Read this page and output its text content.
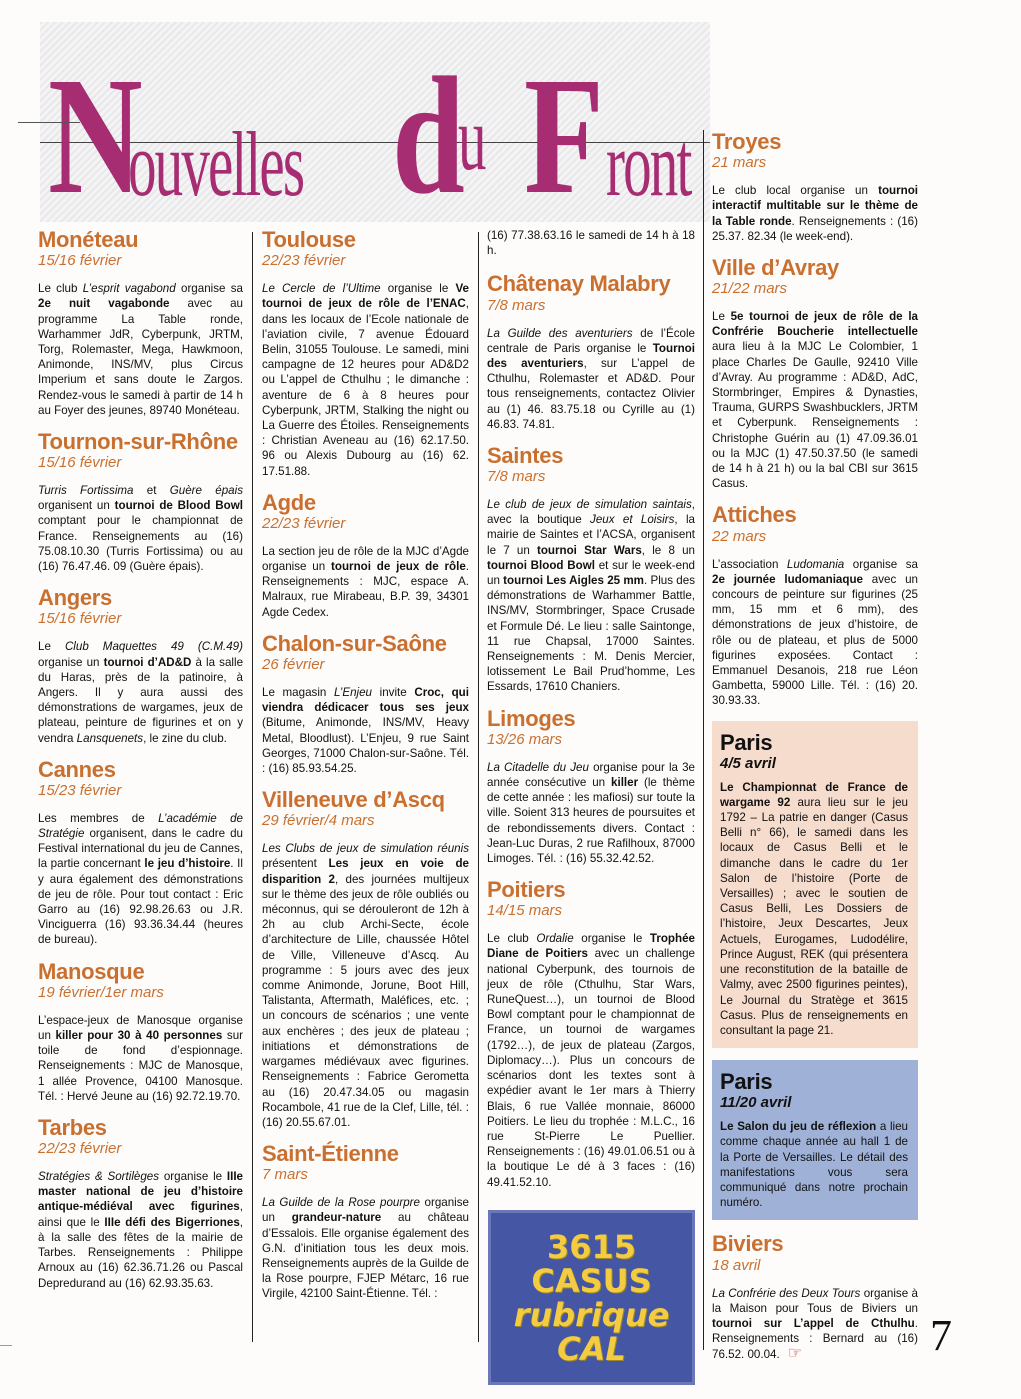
N
ouvelles d
u F ront
Monéteau
15/16 février
Le club L’esprit vagabond organise sa 2e nuit vagabonde avec au programme La Table ronde, Warhammer JdR, Cyberpunk, JRTM, Torg, Rolemaster, Mega, Hawkmoon, Animonde, INS/MV, plus Circus Imperium et sans doute le Zargos. Rendez-vous le samedi à partir de 14 h au Foyer des jeunes, 89740 Monéteau.
Tournon-sur-Rhône
15/16 février
Turris Fortissima et Guère épais organisent un tournoi de Blood Bowl comptant pour le championnat de France. Renseignements au (16) 75.08.10.30 (Turris Fortissima) ou au (16) 76.47.46. 09 (Guère épais).
Angers
15/16 février
Le Club Maquettes 49 (C.M.49) organise un tournoi d’AD&D à la salle du Haras, près de la patinoire, à Angers. Il y aura aussi des démonstrations de wargames, jeux de plateau, peinture de figurines et on y vendra Lansquenets, le zine du club.
Cannes
15/23 février
Les membres de L’académie de Stratégie organisent, dans le cadre du Festival international du jeu de Cannes, la partie concernant le jeu d’histoire. Il y aura également des démonstrations de jeu de rôle. Pour tout contact : Eric Garro au (16) 92.98.26.63 ou J.R. Vinciguerra (16) 93.36.34.44 (heures de bureau).
Manosque
19 février/1er mars
L’espace-jeux de Manosque organise un killer pour 30 à 40 personnes sur toile de fond d’espionnage. Renseignements : MJC de Manosque, 1 allée Provence, 04100 Manosque. Tél. : Hervé Jeune au (16) 92.72.19.70.
Tarbes
22/23 février
Stratégies & Sortilèges organise le IIIe master national de jeu d’histoire antique-médiéval avec figurines, ainsi que le IIIe défi des Bigerriones, à la salle des fêtes de la mairie de Tarbes. Renseignements : Philippe Arnoux au (16) 62.36.71.26 ou Pascal Depredurand au (16) 62.93.35.63.
Toulouse
22/23 février
Le Cercle de l’Ultime organise le Ve tournoi de jeux de rôle de l’ENAC, dans les locaux de l’Ecole nationale de l’aviation civile, 7 avenue Édouard Belin, 31055 Toulouse. Le samedi, mini campagne de 12 heures pour AD&D2 ou L’appel de Cthulhu ; le dimanche : aventure de 6 à 8 heures pour Cyberpunk, JRTM, Stalking the night ou La Guerre des Étoiles. Renseignements : Christian Aveneau au (16) 62.17.50. 96 ou Alexis Dubourg au (16) 62. 17.51.88.
Agde
22/23 février
La section jeu de rôle de la MJC d’Agde organise un tournoi de jeux de rôle. Renseignements : MJC, espace A. Malraux, rue Mirabeau, B.P. 39, 34301 Agde Cedex.
Chalon-sur-Saône
26 février
Le magasin L’Enjeu invite Croc, qui viendra dédicacer tous ses jeux (Bitume, Animonde, INS/MV, Heavy Metal, Bloodlust). L’Enjeu, 9 rue Saint Georges, 71000 Chalon-sur-Saône. Tél. : (16) 85.93.54.25.
Villeneuve d’Ascq
29 février/4 mars
Les Clubs de jeux de simulation réunis présentent Les jeux en voie de disparition 2, des journées multijeux sur le thème des jeux de rôle oubliés ou méconnus, qui se dérouleront de 12h à 2h au club Archi-Secte, école d’architecture de Lille, chaussée Hôtel de Ville, Villeneuve d’Ascq. Au programme : 5 jours avec des jeux comme Animonde, Jorune, Boot Hill, Talistanta, Aftermath, Maléfices, etc. ; un concours de scénarios ; une vente aux enchères ; des jeux de plateau ; initiations et démonstrations de wargames médiévaux avec figurines. Renseignements : Fabrice Gerometta au (16) 20.47.34.05 ou magasin Rocambole, 41 rue de la Clef, Lille, tél. : (16) 20.55.67.01.
Saint-Étienne
7 mars
La Guilde de la Rose pourpre organise un grandeur-nature au château d’Essalois. Elle organise également des G.N. d’initiation tous les deux mois. Renseignements auprès de la Guilde de la Rose pourpre, FJEP Métarc, 16 rue Virgile, 42100 Saint-Étienne. Tél. :
(16) 77.38.63.16 le samedi de 14 h à 18 h.
Châtenay Malabry
7/8 mars
La Guilde des aventuriers de l’École centrale de Paris organise le Tournoi des aventuriers, sur L’appel de Cthulhu, Rolemaster et AD&D. Pour tous renseignements, contactez Olivier au (1) 46. 83.75.18 ou Cyrille au (1) 46.83. 74.81.
Saintes
7/8 mars
Le club de jeux de simulation saintais, avec la boutique Jeux et Loisirs, la mairie de Saintes et l’ACSA, organisent le 7 un tournoi Star Wars, le 8 un tournoi Blood Bowl et sur le week-end un tournoi Les Aigles 25 mm. Plus des démonstrations de Warhammer Battle, INS/MV, Stormbringer, Space Crusade et Formule Dé. Le lieu : salle Saintonge, 11 rue Chapsal, 17000 Saintes. Renseignements : M. Denis Mercier, lotissement Le Bail Prud’homme, Les Essards, 17610 Chaniers.
Limoges
13/26 mars
La Citadelle du Jeu organise pour la 3e année consécutive un killer (le thème de cette année : les mafiosi) sur toute la ville. Soient 313 heures de poursuites et de rebondissements divers. Contact : Jean-Luc Duras, 2 rue Rafilhoux, 87000 Limoges. Tél. : (16) 55.32.42.52.
Poitiers
14/15 mars
Le club Ordalie organise le Trophée Diane de Poitiers avec un challenge national Cyberpunk, des tournois de jeux de rôle (Cthulhu, Star Wars, RuneQuest…), un tournoi de Blood Bowl comptant pour le championnat de France, un tournoi de wargames (1792…), de jeux de plateau (Zargos, Diplomacy…). Plus un concours de scénarios dont les textes sont à expédier avant le 1er mars à Thierry Blais, 6 rue Vallée monnaie, 86000 Poitiers. Le lieu du trophée : M.L.C., 16 rue St-Pierre Le Puellier. Renseignements : (16) 49.01.06.51 ou à la boutique Le dé à 3 faces : (16) 49.41.52.10.
Troyes
21 mars
Le club local organise un tournoi interactif multitable sur le thème de la Table ronde. Renseignements : (16) 25.37. 82.34 (le week-end).
Ville d’Avray
21/22 mars
Le 5e tournoi de jeux de rôle de la Confrérie Boucherie intellectuelle aura lieu à la MJC Le Colombier, 1 place Charles De Gaulle, 92410 Ville d’Avray. Au programme : AD&D, AdC, Stormbringer, Empires & Dynasties, Trauma, GURPS Swashbucklers, JRTM et Cyberpunk. Renseignements : Christophe Guérin au (1) 47.09.36.01 ou la MJC (1) 47.50.37.50 (le samedi de 14 h à 21 h) ou la bal CBI sur 3615 Casus.
Attiches
22 mars
L’association Ludomania organise sa 2e journée ludomaniaque avec un concours de peinture sur figurines (25 mm, 15 mm et 6 mm), des démonstrations de jeux d’histoire, de rôle ou de plateau, et plus de 5000 figurines exposées. Contact : Emmanuel Desanois, 218 rue Léon Gambetta, 59000 Lille. Tél. : (16) 20. 30.93.33.
Paris
4/5 avril
Le Championnat de France de wargame 92 aura lieu sur le jeu 1792 – La patrie en danger (Casus Belli n° 66), le samedi dans les locaux de Casus Belli et le dimanche dans le cadre du 1er Salon de l’histoire (Porte de Versailles) ; avec le soutien de Casus Belli, Les Dossiers de l’histoire, Jeux Descartes, Jeux Actuels, Eurogames, Ludodélire, Prince August, REK (qui présentera une reconstitution de la bataille de Valmy, avec 2500 figurines peintes), Le Journal du Stratège et 3615 Casus. Plus de renseignements en consultant la page 21.
Paris
11/20 avril
Le Salon du jeu de réflexion a lieu comme chaque année au hall 1 de la Porte de Versailles. Le détail des manifestations vous sera communiqué dans notre prochain numéro.
Biviers
18 avril
La Confrérie des Deux Tours organise à la Maison pour Tous de Biviers un tournoi sur L’appel de Cthulhu. Renseignements : Bernard au (16) 76.52. 00.04. ☞
3615
CASUS
rubrique
CAL	7
